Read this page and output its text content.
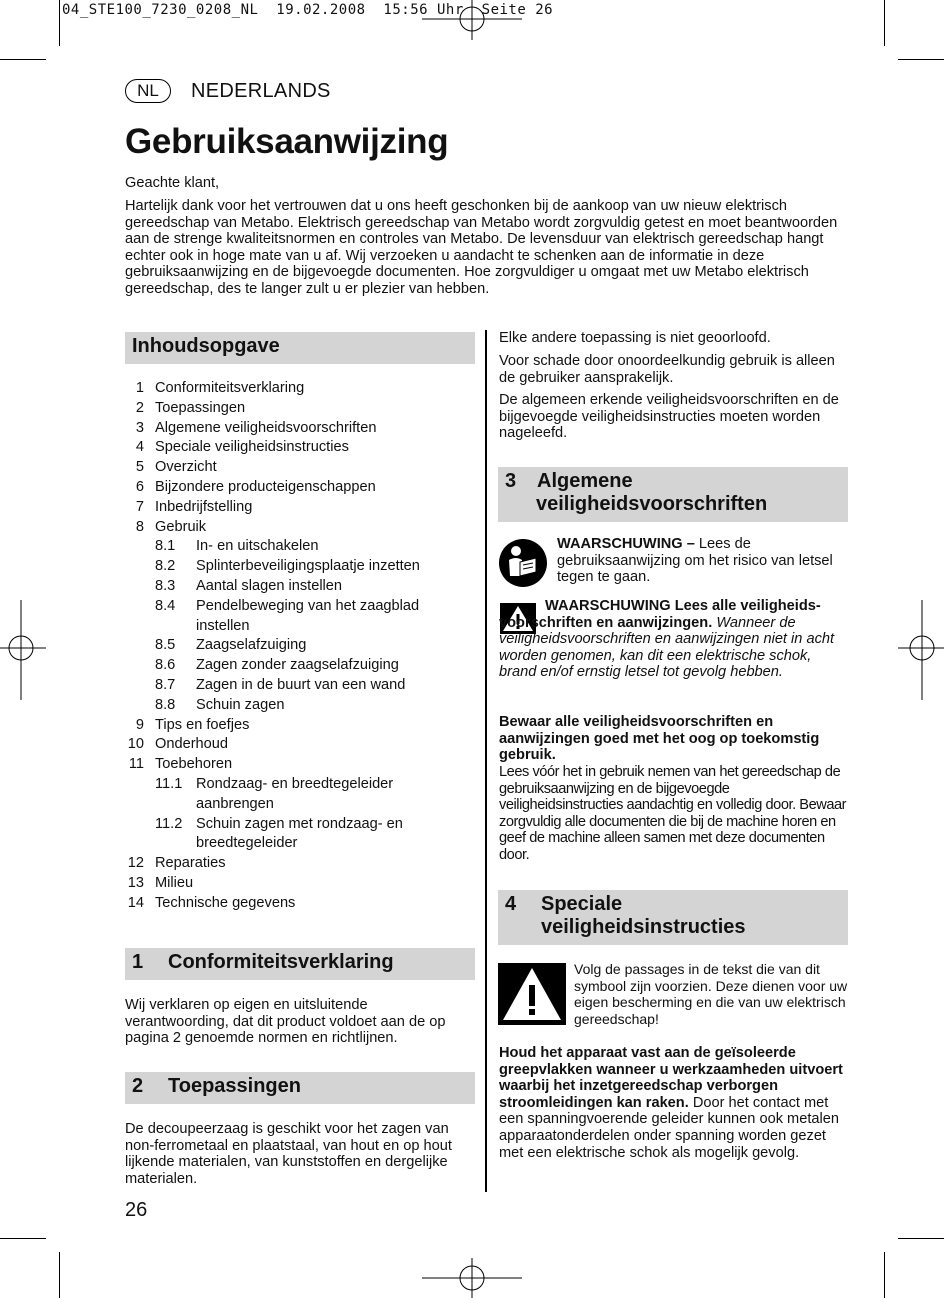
04_STE100_7230_0208_NL  19.02.2008  15:56 Uhr  Seite 26
NL	NEDERLANDS
Gebruiksaanwijzing
Geachte klant,
Hartelijk dank voor het vertrouwen dat u ons heeft geschonken bij de aankoop van uw nieuw elektrisch gereedschap van Metabo. Elektrisch gereedschap van Metabo wordt zorgvuldig getest en moet beantwoorden aan de strenge kwaliteitsnormen en controles van Metabo. De levensduur van elektrisch gereedschap hangt echter ook in hoge mate van u af. Wij verzoeken u aandacht te schenken aan de informatie in deze gebruiksaanwijzing en de bijgevoegde documenten. Hoe zorgvuldiger u omgaat met uw Metabo elektrisch gereedschap, des te langer zult u er plezier van hebben.
Inhoudsopgave
1 Conformiteitsverklaring
2 Toepassingen
3 Algemene veiligheidsvoorschriften
4 Speciale veiligheidsinstructies
5 Overzicht
6 Bijzondere producteigenschappen
7 Inbedrijfstelling
8 Gebruik
8.1 In- en uitschakelen
8.2 Splinterbeveiligingsplaatje inzetten
8.3 Aantal slagen instellen
8.4 Pendelbeweging van het zaagblad instellen
8.5 Zaagselafzuiging
8.6 Zagen zonder zaagselafzuiging
8.7 Zagen in de buurt van een wand
8.8 Schuin zagen
9 Tips en foefjes
10 Onderhoud
11 Toebehoren
11.1 Rondzaag- en breedtegeleider aanbrengen
11.2 Schuin zagen met rondzaag- en breedtegeleider
12 Reparaties
13 Milieu
14 Technische gegevens
1 Conformiteitsverklaring
Wij verklaren op eigen en uitsluitende verantwoording, dat dit product voldoet aan de op pagina 2 genoemde normen en richtlijnen.
2 Toepassingen
De decoupeerzaag is geschikt voor het zagen van non-ferrometaal en plaatstaal, van hout en op hout lijkende materialen, van kunststoffen en dergelijke materialen.
26
Elke andere toepassing is niet geoorloofd.
Voor schade door onoordeelkundig gebruik is alleen de gebruiker aansprakelijk.
De algemeen erkende veiligheidsvoorschriften en de bijgevoegde veiligheidsinstructies moeten worden nageleefd.
3 Algemene
veiligheidsvoorschriften
WAARSCHUWING – Lees de gebruiksaanwijzing om het risico van letsel tegen te gaan.
WAARSCHUWING Lees alle veiligheids-voorschriften en aanwijzingen. Wanneer de veiligheidsvoorschriften en aanwijzingen niet in acht worden genomen, kan dit een elektrische schok, brand en/of ernstig letsel tot gevolg hebben.
Bewaar alle veiligheidsvoorschriften en aanwijzingen goed met het oog op toekomstig gebruik.
Lees vóór het in gebruik nemen van het gereedschap de gebruiksaanwijzing en de bijgevoegde veiligheidsinstructies aandachtig en volledig door. Bewaar zorgvuldig alle documenten die bij de machine horen en geef de machine alleen samen met deze documenten door.
4 Speciale
veiligheidsinstructies
Volg de passages in de tekst die van dit symbool zijn voorzien. Deze dienen voor uw eigen bescherming en die van uw elektrisch gereedschap!
Houd het apparaat vast aan de geïsoleerde greepvlakken wanneer u werkzaamheden uitvoert waarbij het inzetgereedschap verborgen stroomleidingen kan raken. Door het contact met een spanningvoerende geleider kunnen ook metalen apparaatonderdelen onder spanning worden gezet met een elektrische schok als mogelijk gevolg.
